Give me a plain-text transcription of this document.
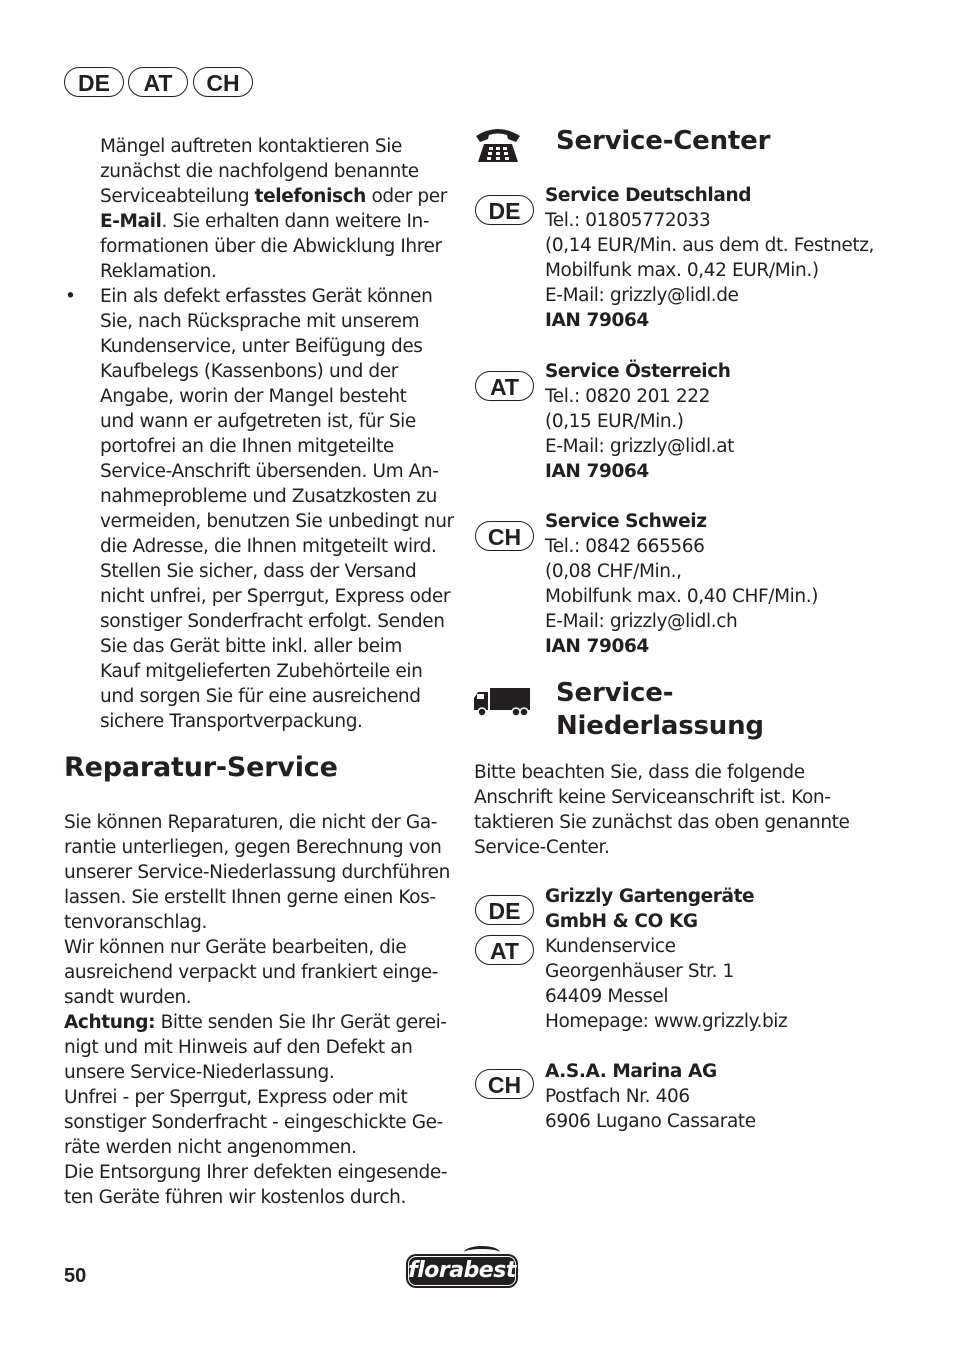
DE	AT	CH
Mängel auftreten kontaktieren Sie
zunächst die nachfolgend benannte
Serviceabteilung telefonisch oder per
E-Mail. Sie erhalten dann weitere In-
formationen über die Abwicklung Ihrer
Reklamation.
• Ein als defekt erfasstes Gerät können
Sie, nach Rücksprache mit unserem
Kundenservice, unter Beifügung des
Kaufbelegs (Kassenbons) und der
Angabe, worin der Mangel besteht
und wann er aufgetreten ist, für Sie
portofrei an die Ihnen mitgeteilte
Service-Anschrift übersenden. Um An-
nahmeprobleme und Zusatzkosten zu
vermeiden, benutzen Sie unbedingt nur
die Adresse, die Ihnen mitgeteilt wird.
Stellen Sie sicher, dass der Versand
nicht unfrei, per Sperrgut, Express oder
sonstiger Sonderfracht erfolgt. Senden
Sie das Gerät bitte inkl. aller beim
Kauf mitgelieferten Zubehörteile ein
und sorgen Sie für eine ausreichend
sichere Transportverpackung.
Reparatur-Service
Sie können Reparaturen, die nicht der Ga-
rantie unterliegen, gegen Berechnung von
unserer Service-Niederlassung durchführen
lassen. Sie erstellt Ihnen gerne einen Kos-
tenvoranschlag.
Wir können nur Geräte bearbeiten, die
ausreichend verpackt und frankiert einge-
sandt wurden.
Achtung: Bitte senden Sie Ihr Gerät gerei-
nigt und mit Hinweis auf den Defekt an
unsere Service-Niederlassung.
Unfrei - per Sperrgut, Express oder mit
sonstiger Sonderfracht - eingeschickte Ge-
räte werden nicht angenommen.
Die Entsorgung Ihrer defekten eingesende-
ten Geräte führen wir kostenlos durch.
Service-Center
DE
Service Deutschland
Tel.: 01805772033
(0,14 EUR/Min. aus dem dt. Festnetz,
Mobilfunk max. 0,42 EUR/Min.)
E-Mail: grizzly@lidl.de
IAN 79064
AT
Service Österreich
Tel.: 0820 201 222
(0,15 EUR/Min.)
E-Mail: grizzly@lidl.at
IAN 79064
CH
Service Schweiz
Tel.: 0842 665566
(0,08 CHF/Min.,
Mobilfunk max. 0,40 CHF/Min.)
E-Mail: grizzly@lidl.ch
IAN 79064
Service-
Niederlassung
Bitte beachten Sie, dass die folgende
Anschrift keine Serviceanschrift ist. Kon-
taktieren Sie zunächst das oben genannte
Service-Center.
DE
AT
Grizzly Gartengeräte
GmbH & CO KG
Kundenservice
Georgenhäuser Str. 1
64409 Messel
Homepage: www.grizzly.biz
CH
A.S.A. Marina AG
Postfach Nr. 406
6906 Lugano Cassarate
50	florabest
